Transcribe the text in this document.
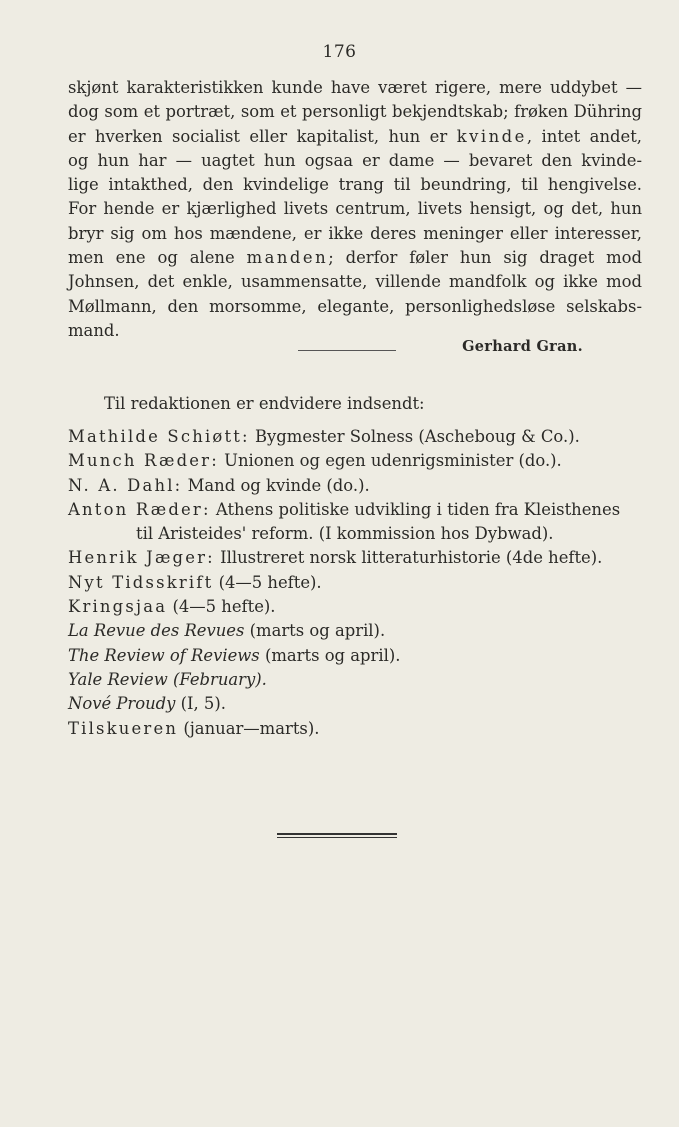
176
skjønt karakteristikken kunde have været rigere, mere uddybet —
dog som et portræt, som et personligt bekjendtskab; frøken Dühring
er hverken socialist eller kapitalist, hun er kvinde, intet andet,
og hun har — uagtet hun ogsaa er dame — bevaret den kvinde-
lige intakthed, den kvindelige trang til beundring, til hengivelse.
For hende er kjærlighed livets centrum, livets hensigt, og det, hun
bryr sig om hos mændene, er ikke deres meninger eller interesser,
men ene og alene manden; derfor føler hun sig draget mod
Johnsen, det enkle, usammensatte, villende mandfolk og ikke mod
Møllmann, den morsomme, elegante, personlighedsløse selskabs-
mand.
Gerhard Gran.
Til redaktionen er endvidere indsendt:
Mathilde Schiøtt: Bygmester Solness (Ascheboug & Co.).
Munch Ræder: Unionen og egen udenrigsminister (do.).
N. A. Dahl: Mand og kvinde (do.).
Anton Ræder: Athens politiske udvikling i tiden fra Kleisthenes
til Aristeides' reform. (I kommission hos Dybwad).
Henrik Jæger: Illustreret norsk litteraturhistorie (4de hefte).
Nyt Tidsskrift (4—5 hefte).
Kringsjaa (4—5 hefte).
La Revue des Revues (marts og april).
The Review of Reviews (marts og april).
Yale Review (February).
Nové Proudy (I, 5).
Tilskueren (januar—marts).
